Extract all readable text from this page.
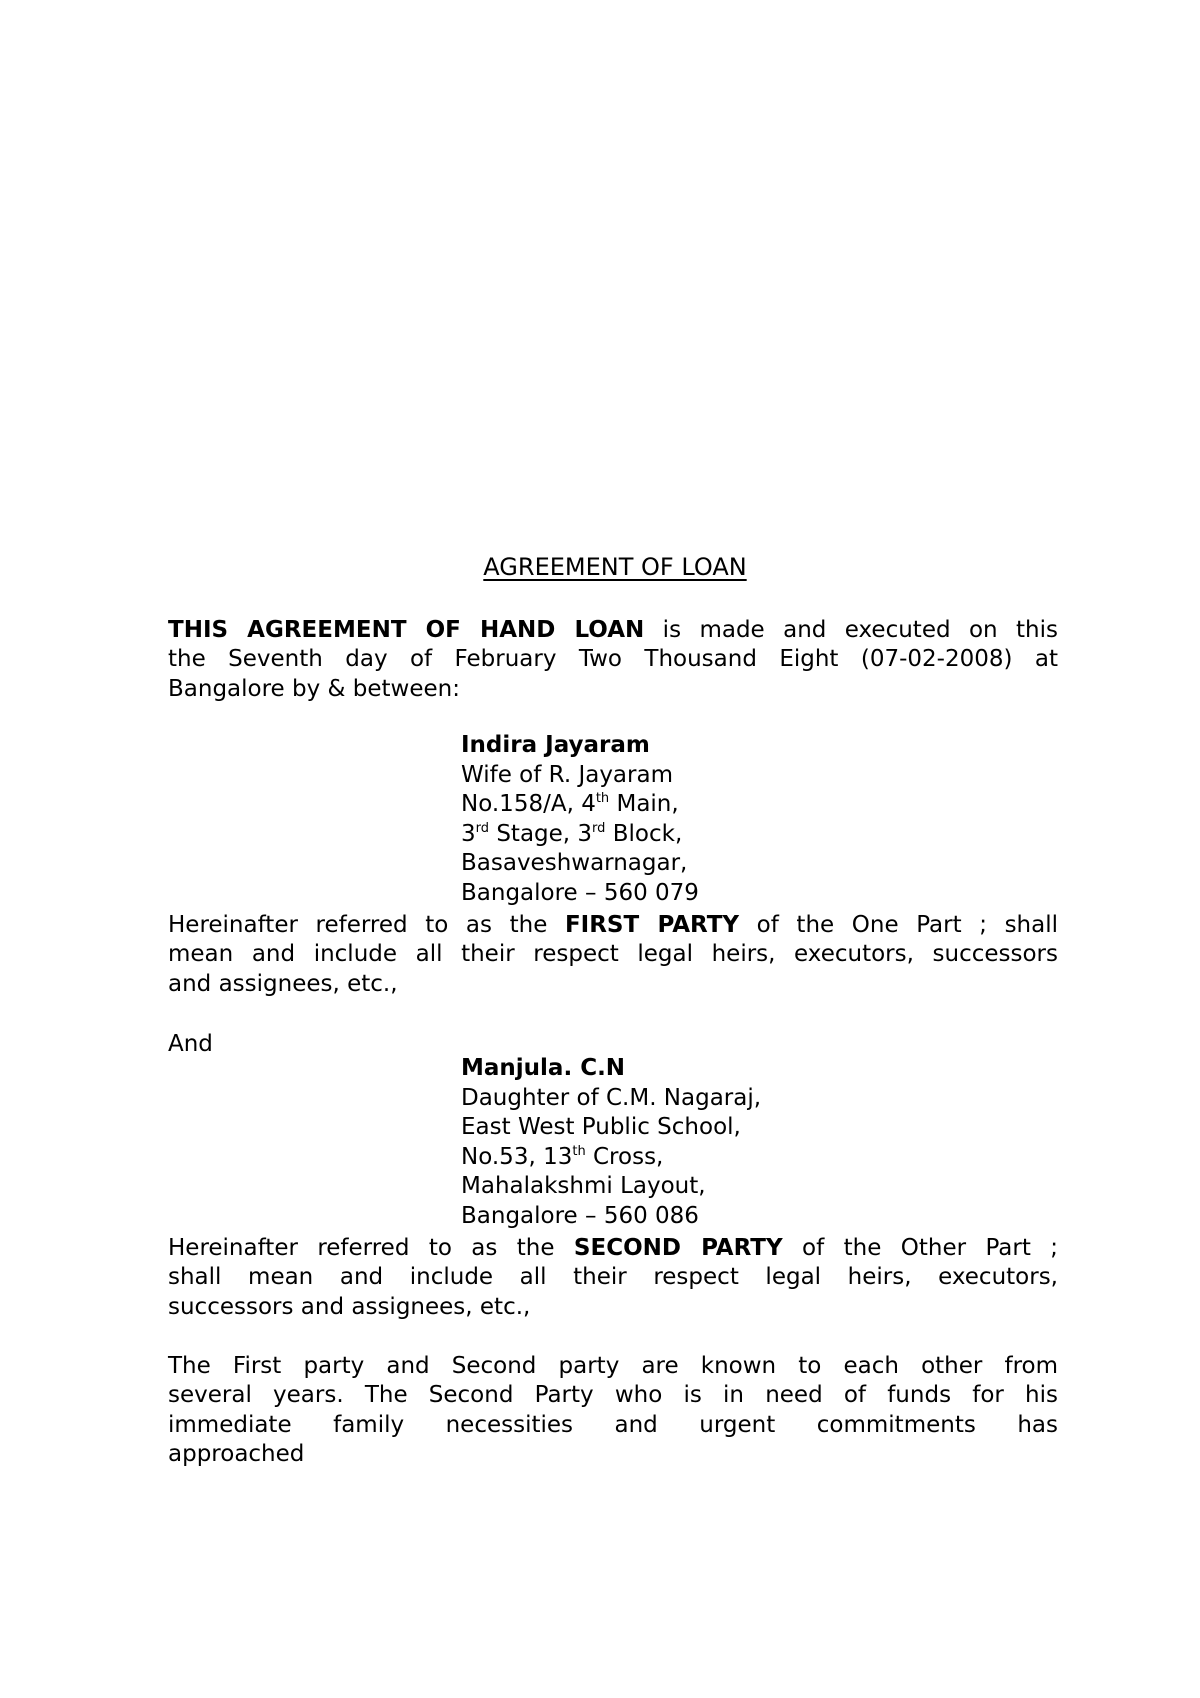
AGREEMENT OF LOAN
THIS AGREEMENT OF HAND LOAN is made and executed on this
the Seventh day of February Two Thousand Eight (07-02-2008) at
Bangalore by & between:
Indira Jayaram
Wife of R. Jayaram
No.158/A, 4th Main,
3rd Stage, 3rd Block,
Basaveshwarnagar,
Bangalore – 560 079
Hereinafter referred to as the FIRST PARTY of the One Part ; shall
mean and include all their respect legal heirs, executors, successors
and assignees, etc.,
And
Manjula. C.N
Daughter of C.M. Nagaraj,
East West Public School,
No.53, 13th Cross,
Mahalakshmi Layout,
Bangalore – 560 086
Hereinafter referred to as the SECOND PARTY of the Other Part ;
shall mean and include all their respect legal heirs, executors,
successors and assignees, etc.,
The First party and Second party are known to each other from
several years. The Second Party who is in need of funds for his
immediate family necessities and urgent commitments has
approached
